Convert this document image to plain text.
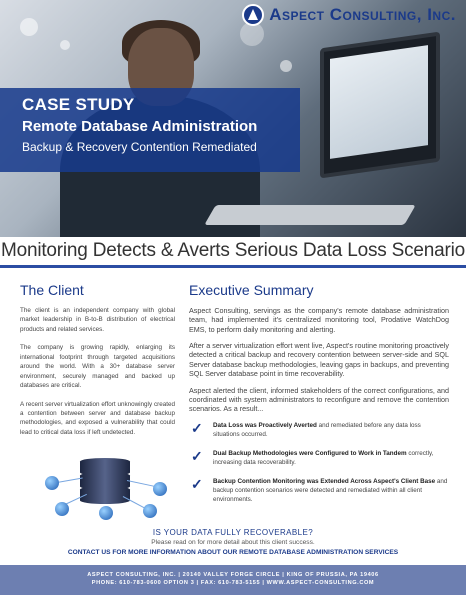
Aspect Consulting, Inc.
CASE STUDY
Remote Database Administration
Backup & Recovery Contention Remediated
Monitoring Detects & Averts Serious Data Loss Scenario
The Client

The client is an independent company with global market leadership in B-to-B distribution of electrical products and related services.

The company is growing rapidly, enlarging its international footprint through targeted acquisitions around the world. With a 30+ database server environment, securely managed and backed up databases are critical.

A recent server virtualization effort unknowingly created a contention between server and database backup methodologies, and exposed a vulnerability that could lead to critical data loss if left undetected.

Executive Summary

Aspect Consulting, servings as the company's remote database administration team, had implemented it's centralized monitoring tool, Prodative WatchDog EMS, to perform daily monitoring and alerting.

After a server virtualization effort went live, Aspect's routine monitoring proactively detected a critical backup and recovery contention between server-side and SQL Server database backup methodologies, leaving gaps in backups, and preventing SQL Server database point in time recoverability.

Aspect alerted the client, informed stakeholders of the correct configurations, and coordinated with system administrators to reconfigure and remove the contention scenarios. As a result...

✓ Data Loss was Proactively Averted and remediated before any data loss situations occurred.
✓ Dual Backup Methodologies were Configured to Work in Tandem correctly, increasing data recoverability.
✓ Backup Contention Monitoring was Extended Across Aspect's Client Base and backup contention scenarios were detected and remediated within all client environments.
IS YOUR DATA FULLY RECOVERABLE?
Please read on for more detail about this client success.
CONTACT US FOR MORE INFORMATION ABOUT OUR REMOTE DATABASE ADMINISTRATION SERVICES
ASPECT CONSULTING, INC. | 20140 VALLEY FORGE CIRCLE | KING OF PRUSSIA, PA 19406
PHONE: 610-783-0600 OPTION 3 | FAX: 610-783-5155 | WWW.ASPECT-CONSULTING.COM
